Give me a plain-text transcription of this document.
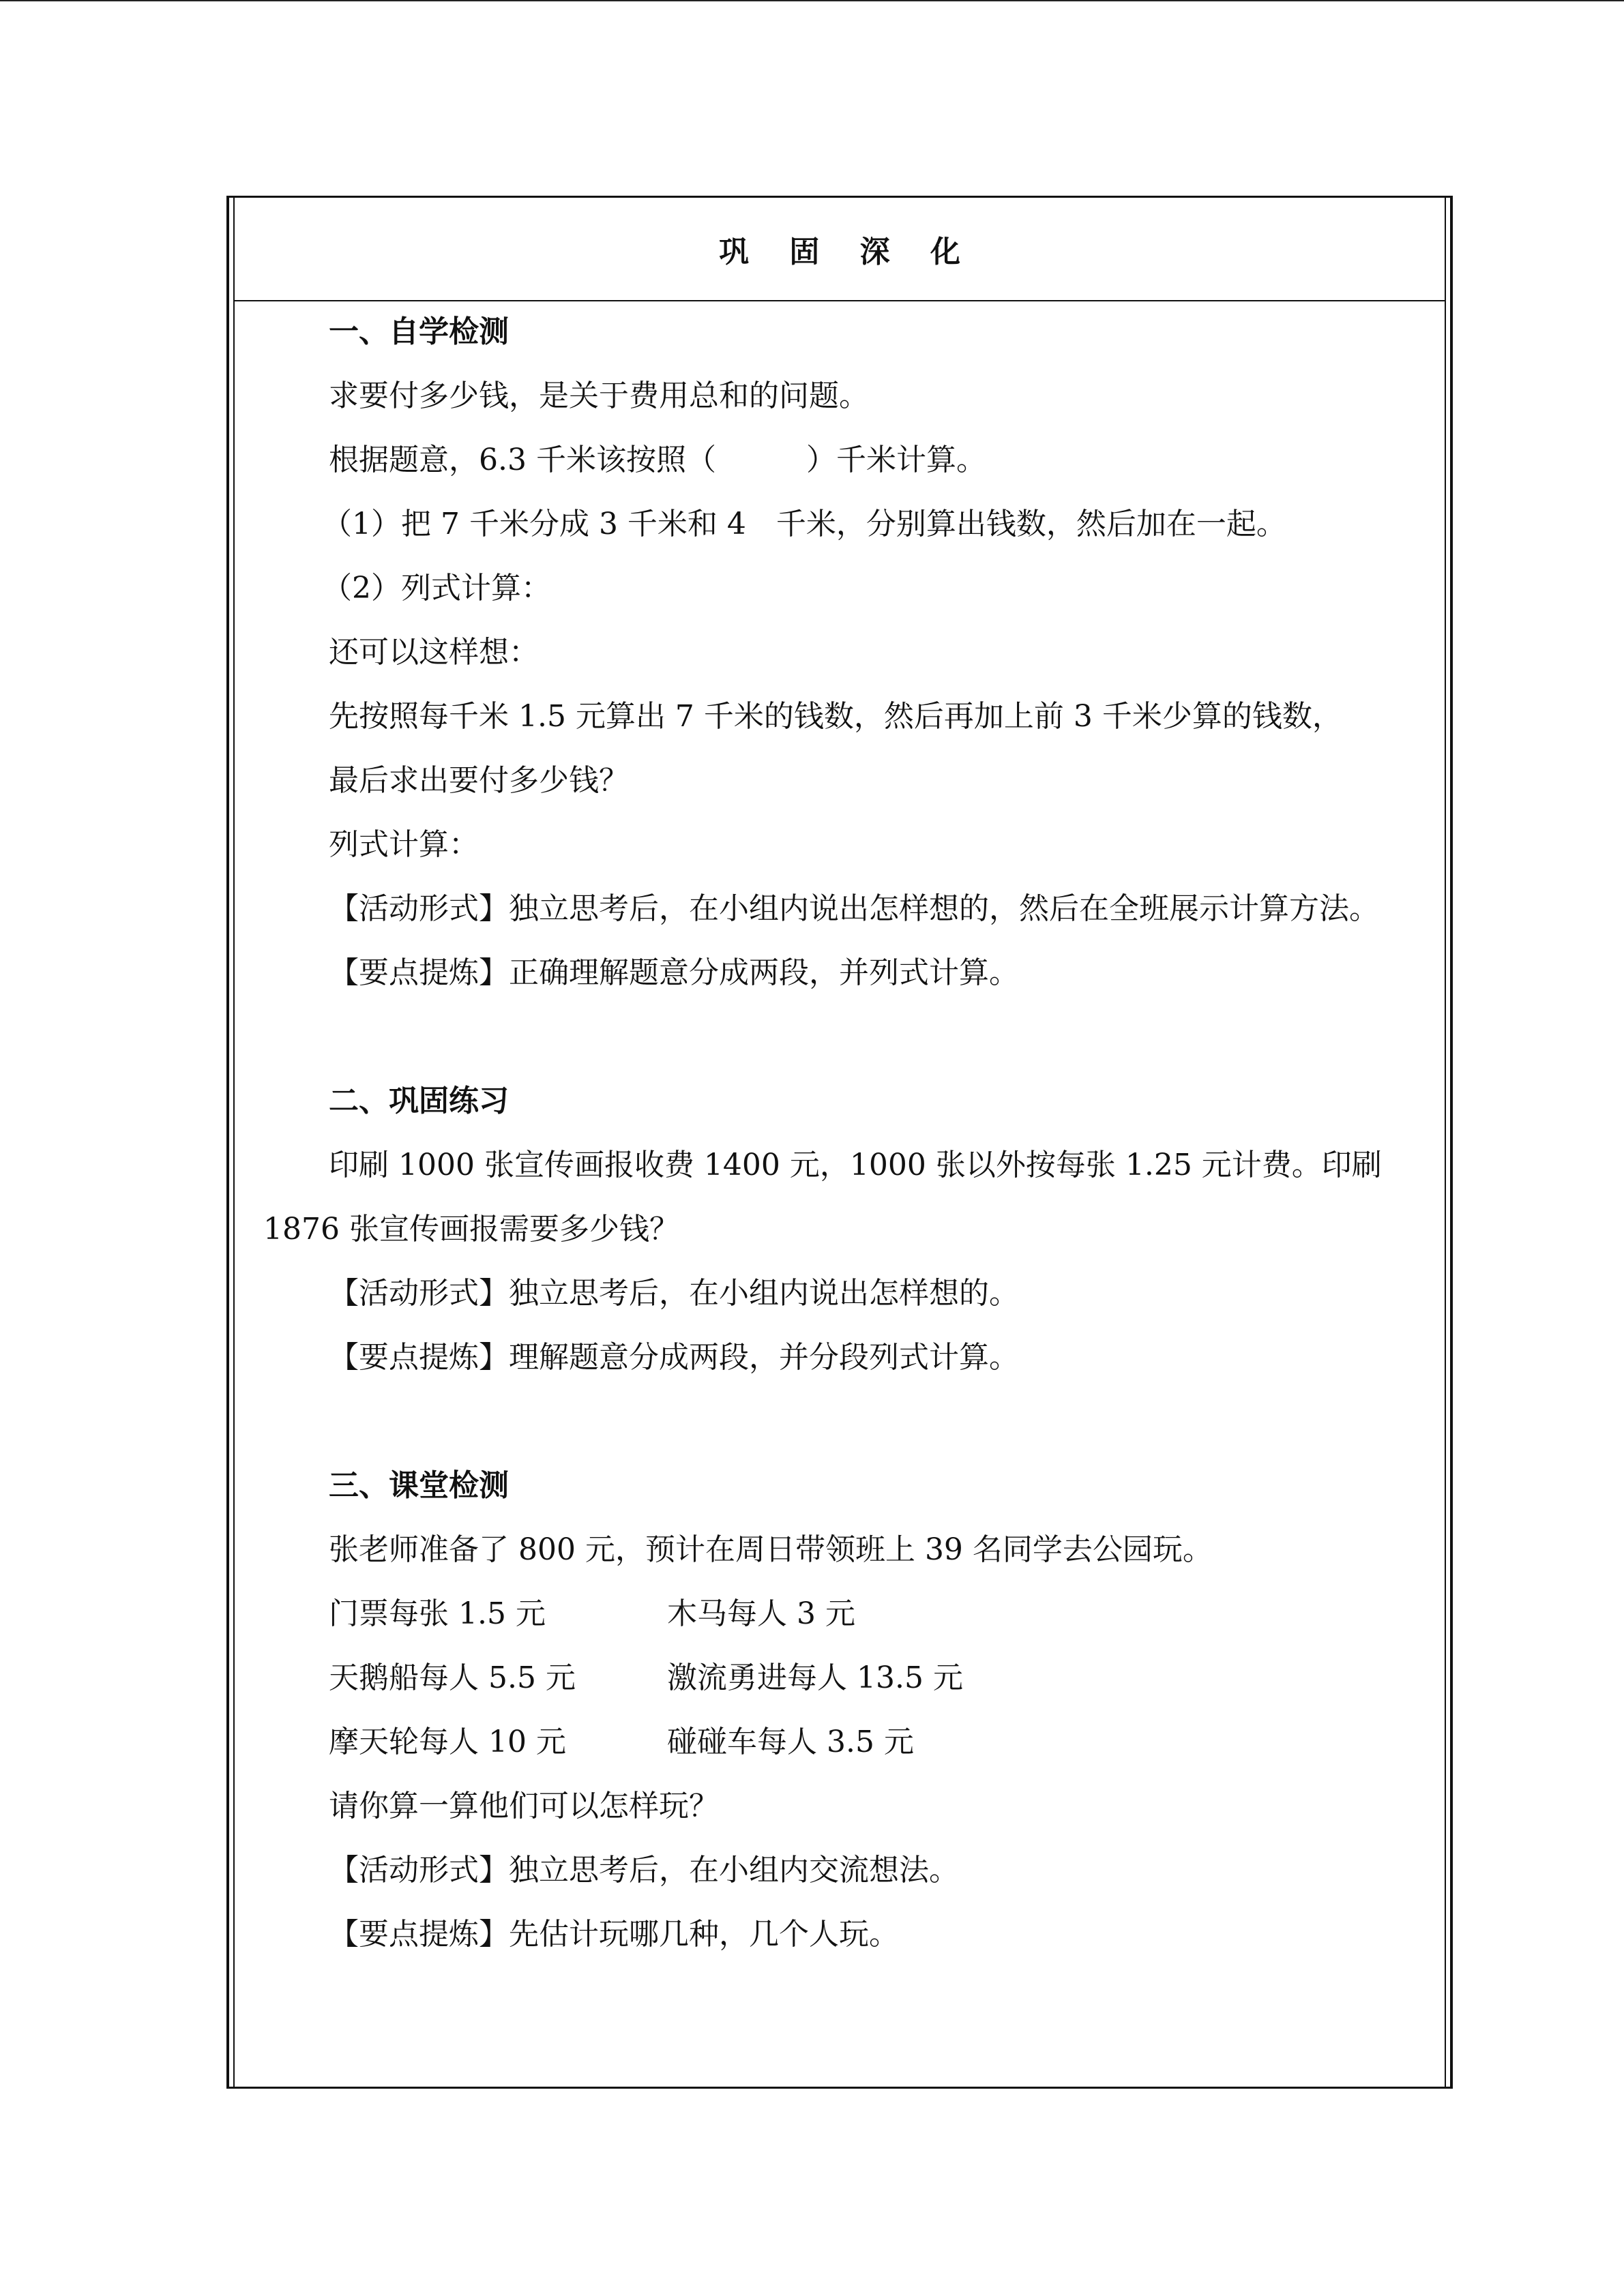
巩 固 深 化
一、自学检测
求要付多少钱，是关于费用总和的问题。
根据题意，6.3 千米该按照（　　　）千米计算。
（1）把 7 千米分成 3 千米和 4　千米，分别算出钱数，然后加在一起。
（2）列式计算：
还可以这样想：
先按照每千米 1.5 元算出 7 千米的钱数，然后再加上前 3 千米少算的钱数，
最后求出要付多少钱？
列式计算：
【活动形式】独立思考后，在小组内说出怎样想的，然后在全班展示计算方法。
【要点提炼】正确理解题意分成两段，并列式计算。
二、巩固练习
印刷 1000 张宣传画报收费 1400 元，1000 张以外按每张 1.25 元计费。印刷 1876 张宣传画报需要多少钱？
【活动形式】独立思考后，在小组内说出怎样想的。
【要点提炼】理解题意分成两段，并分段列式计算。
三、课堂检测
张老师准备了 800 元，预计在周日带领班上 39 名同学去公园玩。
门票每张 1.5 元	木马每人 3 元
天鹅船每人 5.5 元	激流勇进每人 13.5 元
摩天轮每人 10 元	碰碰车每人 3.5 元
请你算一算他们可以怎样玩？
【活动形式】独立思考后，在小组内交流想法。
【要点提炼】先估计玩哪几种，几个人玩。
